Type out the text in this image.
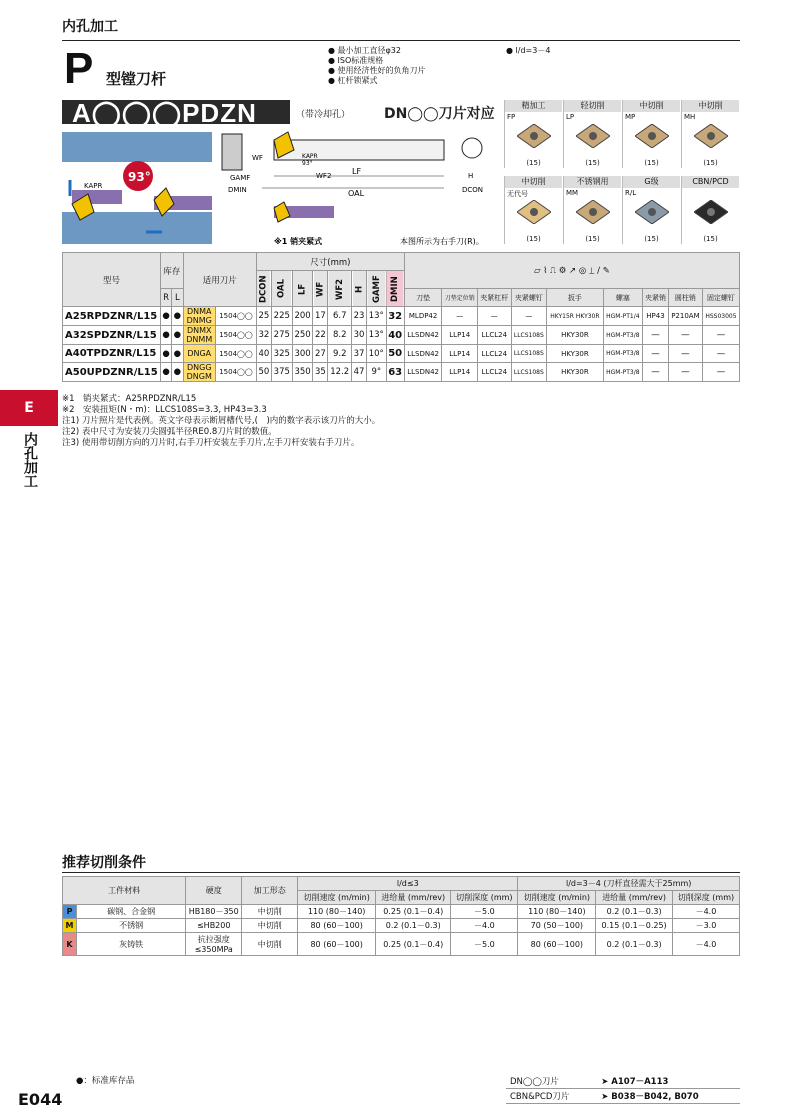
内孔加工
P 型镗刀杆
● 最小加工直径φ32
● ISO标准规格
● 使用经济性好的负角刀片
● 杠杆锁紧式
● l/d=3－4
A◯◯◯PDZN	（带冷却孔） DN◯◯刀片对应
93°
KAPR
LF
OAL
WF
GAMF
DMIN
KAPR
93°
WF2	H
DCON
※1 销夹紧式	本图所示为右手刀(R)。
精加工
FP
(15)
轻切削
LP
(15)
中切削
MP
(15)
中切削
MH
(15)
中切削
无代号
(15)
不锈钢用
MM
(15)
G级
R/L
(15)
CBN/PCD
(15)
型号	库存		适用刀片		尺寸(mm)								▱ ⌇ ⎍ ⚙ ↗ ◎ ⟂ ∕ ✎								
					DCON	OAL	LF	WF	WF2	H	GAMF	DMIN									
	R	L											刀垫	刀垫定位销	夹紧杠杆	夹紧螺钉	扳手	螺塞	夹紧销	圆柱销	固定螺钉
A25RPDZNR/L15	●	●	DNMA
DNMG	1504◯◯	25	225	200	17	6.7	23	13°	32	MLDP42	—	—	—	HKY15R HKY30R	HGM-PT1/4	HP43	P210AM	HSS03005
A32SPDZNR/L15	●	●	DNMX
DNMM	1504◯◯	32	275	250	22	8.2	30	13°	40	LLSDN42	LLP14	LLCL24	LLCS108S	HKY30R	HGM-PT3/8	—	—	—
A40TPDZNR/L15	●	●	DNGA	1504◯◯	40	325	300	27	9.2	37	10°	50	LLSDN42	LLP14	LLCL24	LLCS108S	HKY30R	HGM-PT3/8	—	—	—
A50UPDZNR/L15	●	●	DNGG
DNGM	1504◯◯	50	375	350	35	12.2	47	9°	63	LLSDN42	LLP14	LLCL24	LLCS108S	HKY30R	HGM-PT3/8	—	—	—
※1　销夹紧式：A25RPDZNR/L15
※2　安装扭矩(N・m)：LLCS108S=3.3, HP43=3.3
注1) 刀片照片是代表例。英文字母表示断屑槽代号,(　)内的数字表示该刀片的大小。
注2) 表中尺寸为安装刀尖圆弧半径RE0.8刀片时的数值。
注3) 使用带切削方向的刀片时,右手刀杆安装左手刀片,左手刀杆安装右手刀片。
E
内孔加工
推荐切削条件
工件材料		硬度	加工形态	l/d≤3			l/d=3－4 (刀杆直径需大于25mm)		
				切削速度 (m/min)	进给量 (mm/rev)	切削深度 (mm)	切削速度 (m/min)	进给量 (mm/rev)	切削深度 (mm)
P	碳钢、合金钢	HB180－350	中切削	110 (80－140)	0.25 (0.1－0.4)	－5.0	110 (80－140)	0.2 (0.1－0.3)	－4.0
M	不锈钢	≤HB200	中切削	80 (60－100)	0.2 (0.1－0.3)	－4.0	70 (50－100)	0.15 (0.1－0.25)	－3.0
K	灰铸铁	抗拉强度 ≤350MPa	中切削	80 (60－100)	0.25 (0.1－0.4)	－5.0	80 (60－100)	0.2 (0.1－0.3)	－4.0
●：标准库存品
E044
DN◯◯刀片	➤ A107－A113
CBN&PCD刀片	➤ B038－B042, B070
